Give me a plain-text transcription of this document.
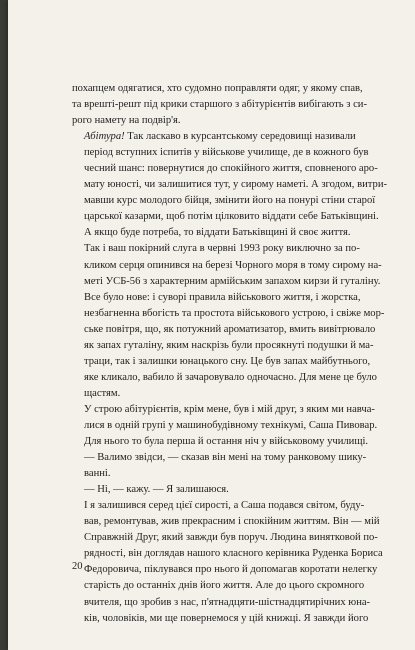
похапцем одягатися, хто судомно поправляти одяг, у якому спав,
та врешті-решт під крики старшого з абітурієнтів вибігають з си-
рого намету на подвір'я.

Абітура! Так ласкаво в курсантському середовищі називали
період вступних іспитів у військове училище, де в кожного був
чесний шанс: повернутися до спокійного життя, сповненого аро-
мату юності, чи залишитися тут, у сирому наметі. А згодом, витри-
мавши курс молодого бійця, змінити його на понурі стіни старої
царської казарми, щоб потім цілковито віддати себе Батьківщині.
А якщо буде потреба, то віддати Батьківщині й своє життя.

Так і ваш покірний слуга в червні 1993 року виключно за по-
кликом серця опинився на березі Чорного моря в тому сирому на-
меті УСБ-56 з характерним армійським запахом кирзи й гуталіну.

Все було нове: і суворі правила військового життя, і жорстка,
незбагненна вбогість та простота військового устрою, і свіже мор-
ське повітря, що, як потужний ароматизатор, вмить вивітрювало
як запах гуталіну, яким наскрізь були просякнуті подушки й ма-
траци, так і залишки юнацького сну. Це був запах майбутнього,
яке кликало, вабило й зачаровувало одночасно. Для мене це було
щастям.

У строю абітурієнтів, крім мене, був і мій друг, з яким ми навча-
лися в одній групі у машинобудівному технікумі, Саша Пивовар.
Для нього то була перша й остання ніч у військовому училищі.

— Валимо звідси, — сказав він мені на тому ранковому шику-
ванні.

— Ні, — кажу. — Я залишаюся.

І я залишився серед цієї сирості, а Саша подався світом, буду-
вав, ремонтував, жив прекрасним і спокійним життям. Він — мій
Справжній Друг, який завжди був поруч. Людина винятковой по-
рядності, він доглядав нашого класного керівника Руденка Бориса
Федоровича, піклувався про нього й допомагав коротати нелегку
старість до останніх днів його життя. Але до цього скромного
вчителя, що зробив з нас, п'ятнадцяти-шістнадцятирічних юна-
ків, чоловіків, ми ще повернемося у цій книжці. Я завжди його

20
